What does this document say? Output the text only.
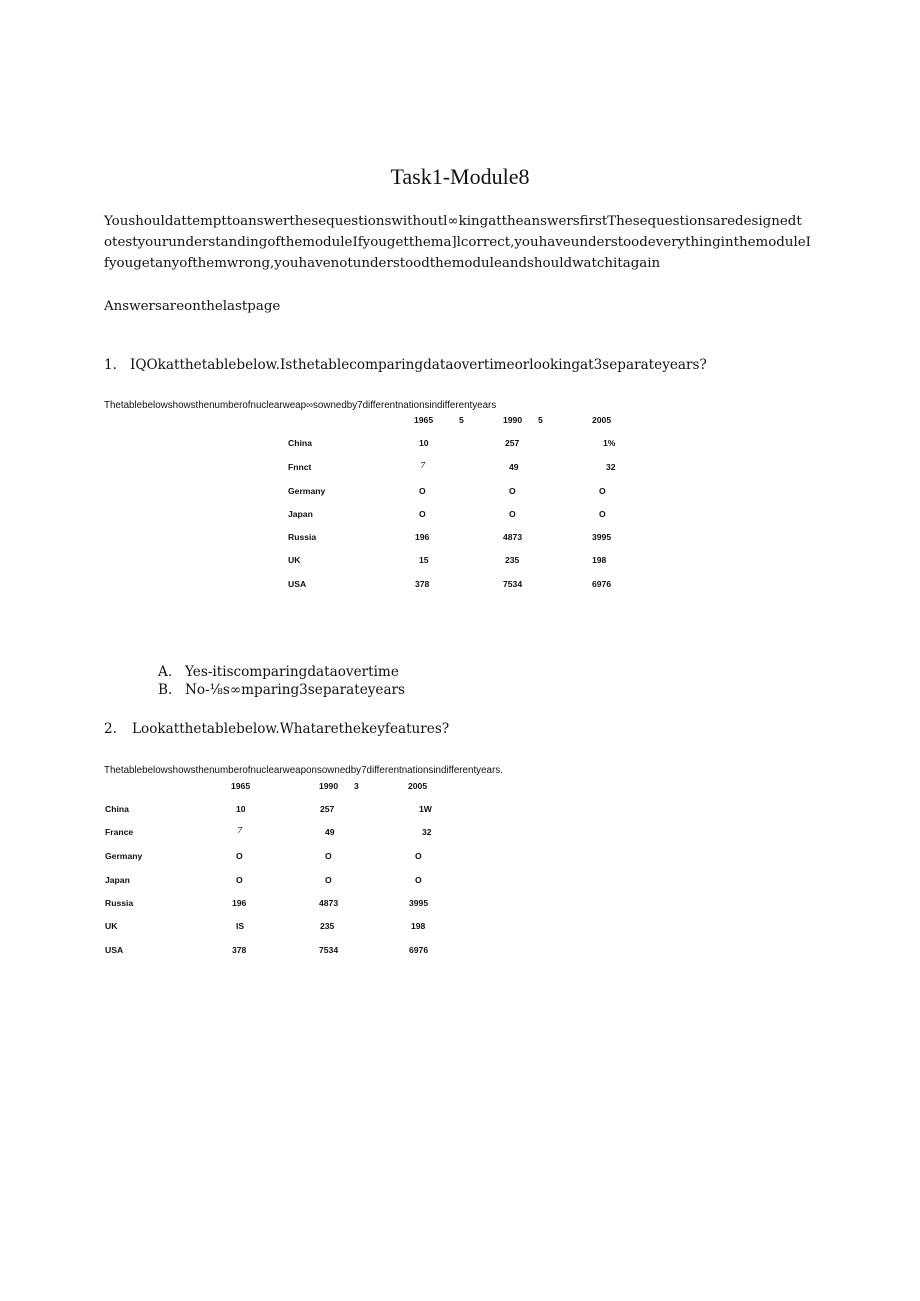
Task1-Module8
Youshouldattempttoanswerthesequestionswithoutl∞kingattheanswersfirstThesequestionsaredesignedt
otestyourunderstandingofthemoduleIfyougetthema]lcorrect,youhaveunderstoodeverythinginthemoduleI
fyougetanyofthemwrong,youhavenotunderstoodthemoduleandshouldwatchitagain
Answersareonthelastpage
1. IQOkatthetablebelow.Isthetablecomparingdataovertimeorlookingat3separateyears?
Thetablebelowshowsthenumberofnuclearweap∞sownedby7differentnationsindifferentyears
1965	5	1990 5	2005
China	10	257	1%
Fnnct	7	49	32
Germany	O	O	O
Japan	O	O	O
Russia	196	4873	3995
UK	15	235	198
USA	378	7534	6976
A. Yes-itiscomparingdataovertime
B. No-⅛s∞mparing3separateyears
2. Lookatthetablebelow.Whatarethekeyfeatures?
Thetablebelowshowsthenumberofnuclearweaponsownedby7differentnationsindifferentyears.
1965	1990 3	2005
China	10	257	1W
France	7	49	32
Germany	O	O	O
Japan	O	O	O
Russia	196	4873	3995
UK	IS	235	198
USA	378	7534	6976
